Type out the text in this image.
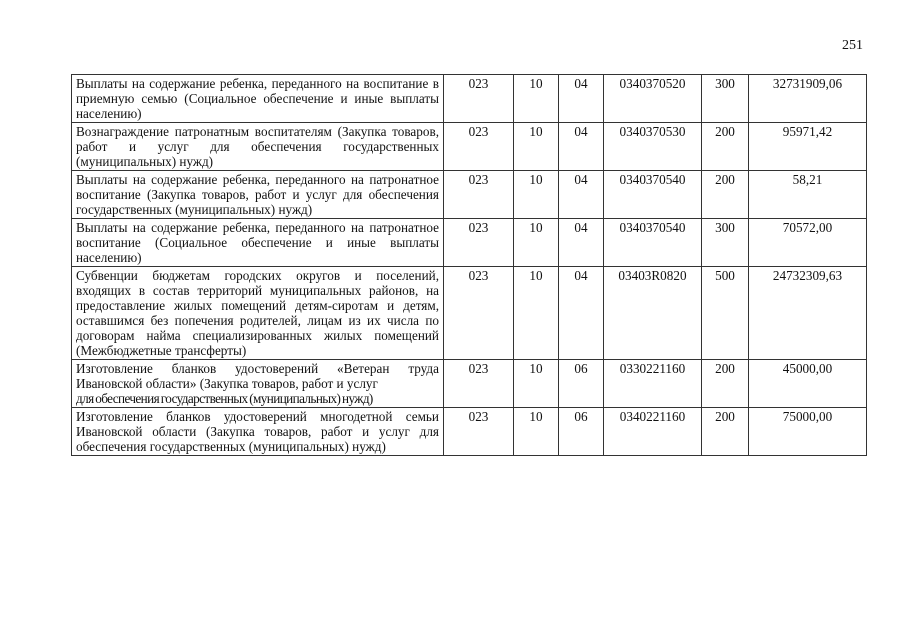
251
Выплаты на содержание ребенка, переданного на воспитание в приемную семью (Социальное обеспечение и иные выплаты населению)	023	10	04	0340370520	300	32731909,06
Вознаграждение патронатным воспитателям (Закупка товаров, работ и услуг для обеспечения государственных (муниципальных) нужд)	023	10	04	0340370530	200	95971,42
Выплаты на содержание ребенка, переданного на патронатное воспитание (Закупка товаров, работ и услуг для обеспечения государственных (муниципальных) нужд)	023	10	04	0340370540	200	58,21
Выплаты на содержание ребенка, переданного на патронатное воспитание (Социальное обеспечение и иные выплаты населению)	023	10	04	0340370540	300	70572,00
Субвенции бюджетам городских округов и поселений, входящих в состав территорий муниципальных районов, на предоставление жилых помещений детям-сиротам и детям, оставшимся без попечения родителей, лицам из их числа по договорам найма специализированных жилых помещений (Межбюджетные трансферты)	023	10	04	03403R0820	500	24732309,63
Изготовление бланков удостоверений «Ветеран труда Ивановской области» (Закупка товаров, работ и услуг
для обеспечения государственных (муниципальных) нужд)	023	10	06	0330221160	200	45000,00
Изготовление бланков удостоверений многодетной семьи Ивановской области (Закупка товаров, работ и услуг для обеспечения государственных (муниципальных) нужд)	023	10	06	0340221160	200	75000,00
